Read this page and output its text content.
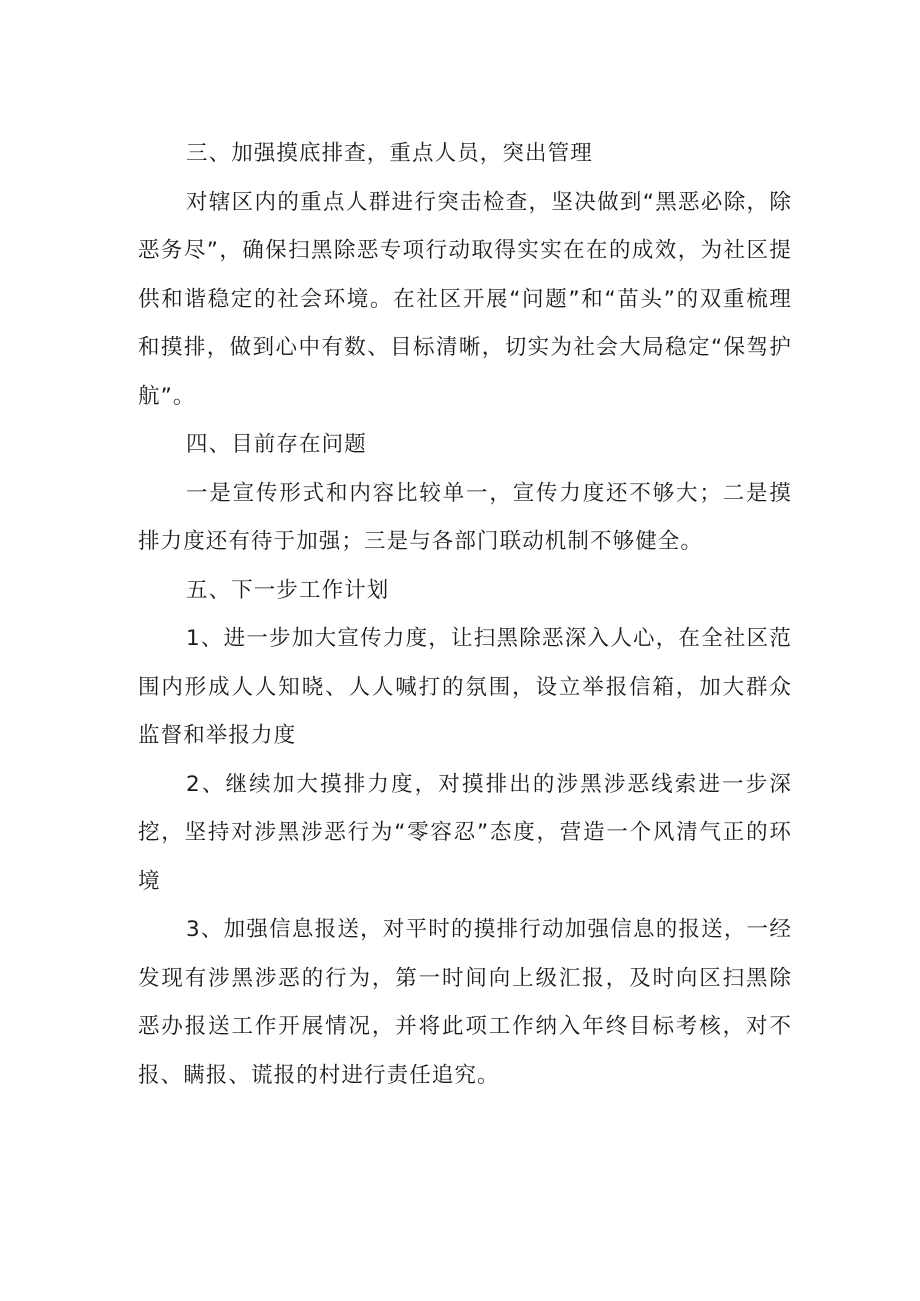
三、加强摸底排查，重点人员，突出管理

对辖区内的重点人群进行突击检查，坚决做到“黑恶必除，除恶务尽”，确保扫黑除恶专项行动取得实实在在的成效，为社区提供和谐稳定的社会环境。在社区开展“问题”和“苗头”的双重梳理和摸排，做到心中有数、目标清晰，切实为社会大局稳定“保驾护航”。

四、目前存在问题

一是宣传形式和内容比较单一，宣传力度还不够大；二是摸排力度还有待于加强；三是与各部门联动机制不够健全。

五、下一步工作计划

1、进一步加大宣传力度，让扫黑除恶深入人心，在全社区范围内形成人人知晓、人人喊打的氛围，设立举报信箱，加大群众监督和举报力度

2、继续加大摸排力度，对摸排出的涉黑涉恶线索进一步深挖，坚持对涉黑涉恶行为“零容忍”态度，营造一个风清气正的环境

3、加强信息报送，对平时的摸排行动加强信息的报送，一经发现有涉黑涉恶的行为，第一时间向上级汇报，及时向区扫黑除恶办报送工作开展情况，并将此项工作纳入年终目标考核，对不报、瞒报、谎报的村进行责任追究。
